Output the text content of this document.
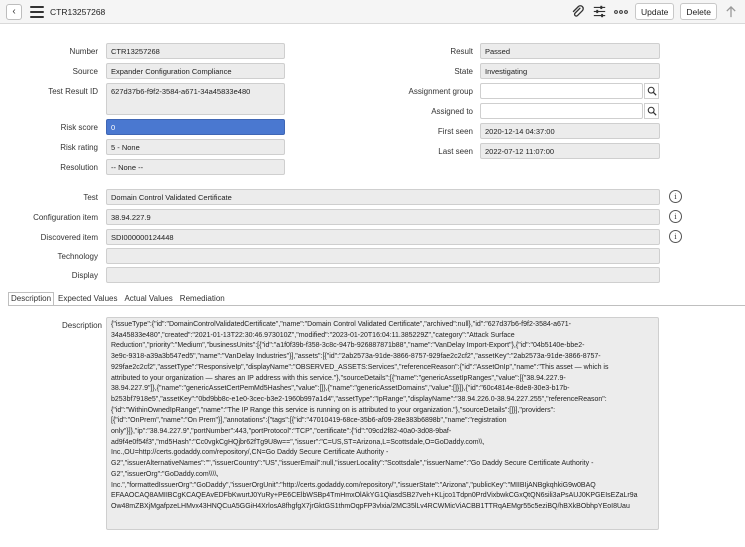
‹	CTR13257268	Update	Delete
Number	CTR13257268
Source	Expander Configuration Compliance
Test Result ID	627d37b6-f9f2-3584-a671-34a45833e480
Risk score	0
Risk rating	5 - None
Resolution	-- None --
Result	Passed
State	Investigating
Assignment group
Assigned to
First seen	2020-12-14 04:37:00
Last seen	2022-07-12 11:07:00
Test	Domain Control Validated Certificate	i
Configuration item	38.94.227.9	i
Discovered item	SDI000000124448	i
Technology
Display
Description Expected Values Actual Values Remediation
Description {"issueType":{"id":"DomainControlValidatedCertificate","name":"Domain Control Validated Certificate","archived":null},"id":"627d37b6-f9f2-3584-a671-
34a45833e480","created":"2021-01-13T22:30:46.973010Z","modified":"2023-01-20T16:04:11.385229Z","category":"Attack Surface
Reduction","priority":"Medium","businessUnits":[{"id":"a1f0f39b-f358-3c8c-947b-926887871b88","name":"VanDelay Import-Export"},{"id":"04b5140e-bbe2-
3e9c-9318-a39a3b547ed5","name":"VanDelay Industries"}],"assets":[{"id":"2ab2573a-91de-3866-8757-929fae2c2cf2","assetKey":"2ab2573a-91de-3866-8757-
929fae2c2cf2","assetType":"ResponsiveIp","displayName":"OBSERVED_ASSETS:Services","referenceReason":{"id":"AssetOnIp","name":"This asset — which is
attributed to your organization — shares an IP address with this service."},"sourceDetails":[{"name":"genericAssetIpRanges","value":[{"38.94.227.9-
38.94.227.9"]},{"name":"genericAssetCertPemMd5Hashes","value":[]},{"name":"genericAssetDomains","value":[]}]},{"id":"60c4814e-8de8-30e3-b17b-
b253bf7918e5","assetKey":"0bd9bb8c-e1e0-3cec-b3e2-1960b997a1d4","assetType":"IpRange","displayName":"38.94.226.0-38.94.227.255","referenceReason":
{"id":"WithinOwnedIpRange","name":"The IP Range this service is running on is attributed to your organization."},"sourceDetails":[]}],"providers":
[{"id":"OnPrem","name":"On Prem"}],"annotations":{"tags":[{"id":"47010419-68ce-35b6-af09-28e383b6898b","name":"registration
only"}]},"ip":"38.94.227.9","portNumber":443,"portProtocol":"TCP","certificate":{"id":"09cd2f82-40a0-3d08-9baf-
ad9f4e0f54f3","md5Hash":"Cc0vgkCgHQjbr62fTg9U8w==","issuer":"C=US,ST=Arizona,L=Scottsdale,O=GoDaddy.com\\,
Inc.,OU=http://certs.godaddy.com/repository/,CN=Go Daddy Secure Certificate Authority -
G2","issuerAlternativeNames":"","issuerCountry":"US","issuerEmail":null,"issuerLocality":"Scottsdale","issuerName":"Go Daddy Secure Certificate Authority -
G2","issuerOrg":"GoDaddy.com\\\\,
Inc.","formattedIssuerOrg":"GoDaddy","issuerOrgUnit":"http://certs.godaddy.com/repository/","issuerState":"Arizona","publicKey":"MIIBIjANBgkqhkiG9w0BAQ
EFAAOCAQ8AMIIBCgKCAQEAvEDFbKwurtJ0YuRy+PE6CElbWSBp4TmHmxOlAkYG1QiasdSB27veh+KLjco1Tdpn0PrdVixbwkCGxQtQN6sili3aPsAUJ0KPGEIsEZaLr9a
Ow48mZBXjMgafpzeLHMvx43HNQCuA5GGiH4XrlosA8fhgfgX7jrGktGS1thmOqpFP3vlxia/2MC35lLv4RCWMicViACBB1TTRqAEMgr55c5eziBQ/hBXkBObhpYEoI8Uau
